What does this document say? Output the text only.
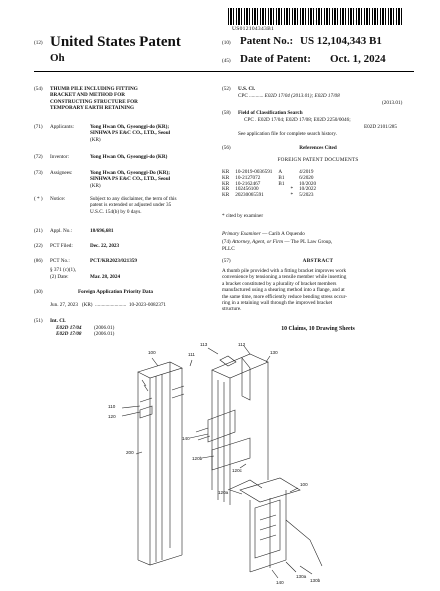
US012104343B1
(12) United States Patent
Oh
(10) Patent No.: US 12,104,343 B1
(45) Date of Patent: Oct. 1, 2024
(54) THUMB PILE INCLUDING FITTING
BRACKET AND METHOD FOR
CONSTRUCTING STRUCTURE FOR
TEMPORARY EARTH RETAINING
(71) Applicants:	Yong Hwan Oh, Gyeonggi-do (KR);
SINHWA PS E&C CO., LTD., Seoul
(KR)
(72) Inventor:	Yong Hwan Oh, Gyeonggi-do (KR)
(73) Assignees:	Yong Hwan Oh, Gyeonggi-Do (KR);
SINHWA PS E&C CO., LTD., Seoul
(KR)
( * ) Notice:	Subject to any disclaimer, the term of this
patent is extended or adjusted under 35
U.S.C. 154(b) by 0 days.
(21) Appl. No.:	18/696,681
(22) PCT Filed:	Dec. 22, 2023
(86) PCT No.:	PCT/KR2023/021359
§ 371 (c)(1),
(2) Date:	Mar. 28, 2024
(30)	Foreign Application Priority Data
Jun. 27, 2023 (KR) ........................ 10-2023-0082371
(51) Int. Cl.
E02D 17/04 (2006.01)
E02D 17/08 (2006.01)
(52) U.S. Cl.
CPC ........... E02D 17/04 (2013.01); E02D 17/08
(2013.01)
(58) Field of Classification Search
CPC . E02D 17/04; E02D 17/08; E02D 2250/0046;
E02D 2101/285
See application file for complete search history.
(56)	References Cited
FOREIGN PATENT DOCUMENTS
KR	10-2019-0036591	A		4/2019
KR	10-2127072	B1		6/2020
KR	10-2162467	B1		10/2020
KR	102456100		*	10/2022
KR	20230065591		*	5/2023
* cited by examiner
Primary Examiner — Carib A Oquendo
(74) Attorney, Agent, or Firm — The PL Law Group,
PLLC
(57)	ABSTRACT
A thumb pile provided with a fitting bracket improves work
convenience by tensioning a tensile member while inserting
a bracket constituted by a plurality of bracket members
manufactured using a shearing method into a flange, and at
the same time, more efficiently reduce bending stress occur-
ring in a retaining wall through the improved bracket
structure.
10 Claims, 10 Drawing Sheets
100
110
120
111
113	112
130
140
200
120b
120c
120a
100
130a
130b
140
